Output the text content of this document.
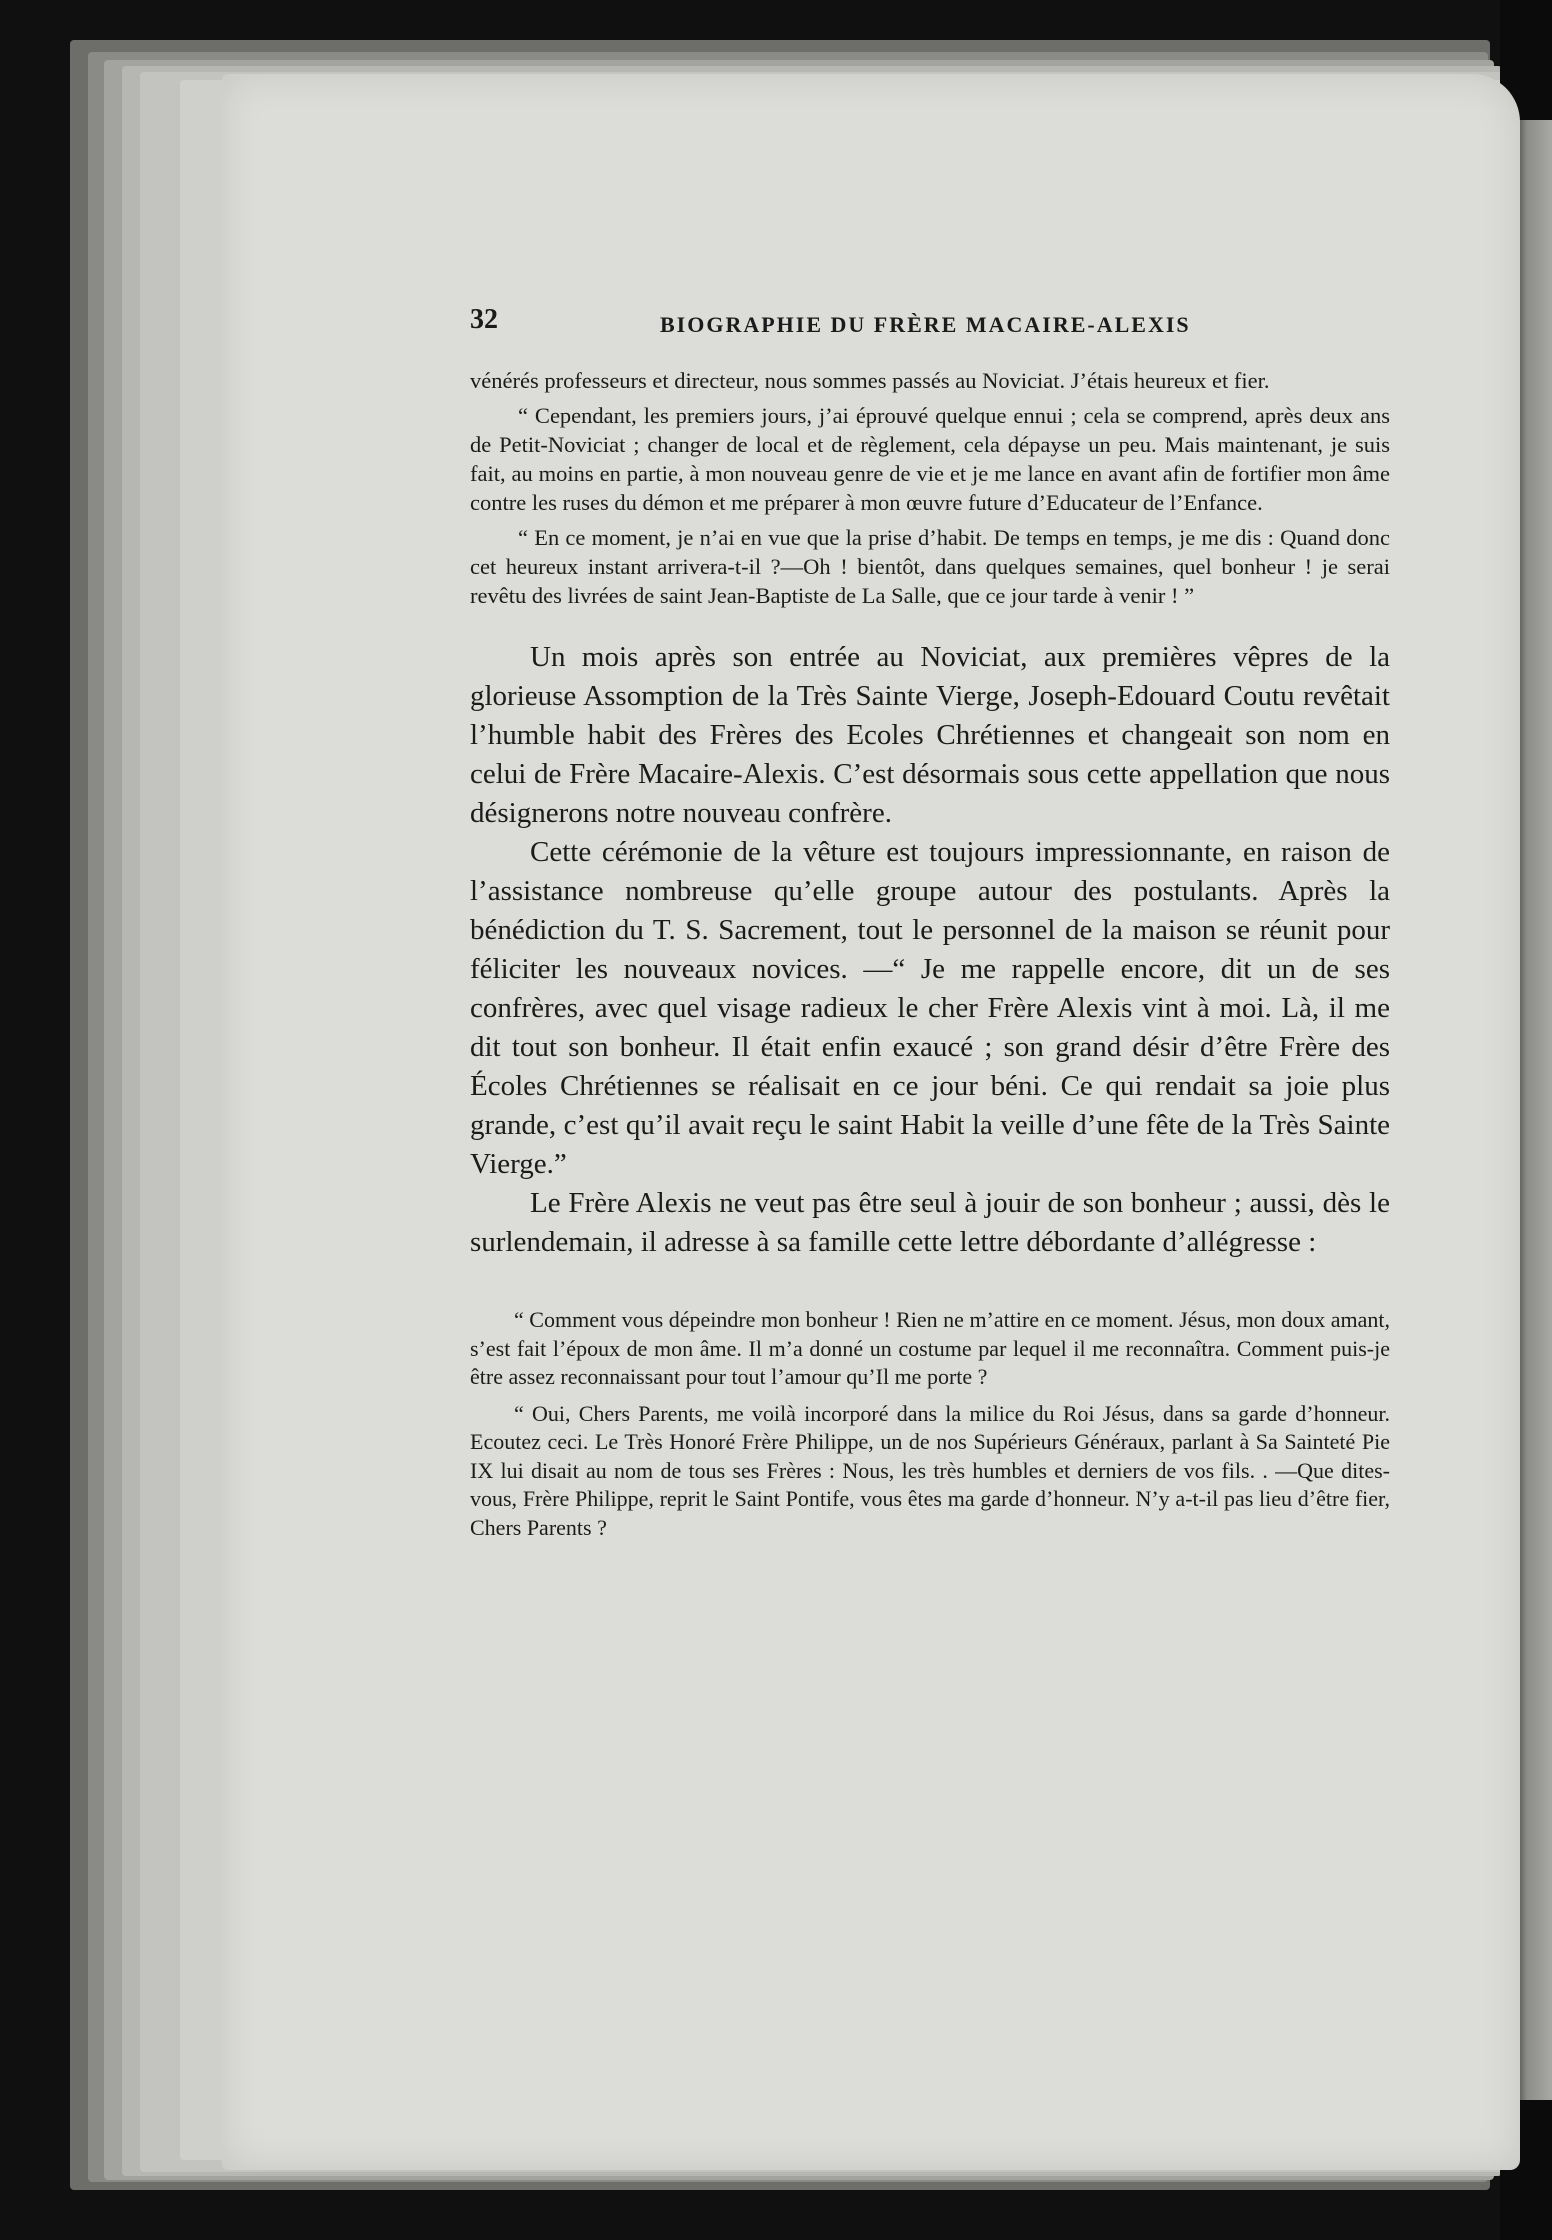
32	BIOGRAPHIE DU FRÈRE MACAIRE-ALEXIS

vénérés professeurs et directeur, nous sommes passés au Noviciat. J’étais heureux et fier.

“ Cependant, les premiers jours, j’ai éprouvé quelque ennui ; cela se comprend, après deux ans de Petit-Noviciat ; changer de local et de règlement, cela dépayse un peu. Mais maintenant, je suis fait, au moins en partie, à mon nouveau genre de vie et je me lance en avant afin de fortifier mon âme contre les ruses du démon et me préparer à mon œuvre future d’Educateur de l’Enfance.

“ En ce moment, je n’ai en vue que la prise d’habit. De temps en temps, je me dis : Quand donc cet heureux instant arrivera-t-il ?—Oh ! bientôt, dans quelques semaines, quel bonheur ! je serai revêtu des livrées de saint Jean-Baptiste de La Salle, que ce jour tarde à venir ! ”

Un mois après son entrée au Noviciat, aux premières vêpres de la glorieuse Assomption de la Très Sainte Vierge, Joseph-Edouard Coutu revêtait l’humble habit des Frères des Ecoles Chrétiennes et changeait son nom en celui de Frère Macaire-Alexis. C’est désormais sous cette appellation que nous désignerons notre nouveau confrère.

Cette cérémonie de la vêture est toujours impressionnante, en raison de l’assistance nombreuse qu’elle groupe autour des postulants. Après la bénédiction du T. S. Sacrement, tout le personnel de la maison se réunit pour féliciter les nouveaux novices. —“ Je me rappelle encore, dit un de ses confrères, avec quel visage radieux le cher Frère Alexis vint à moi. Là, il me dit tout son bonheur. Il était enfin exaucé ; son grand désir d’être Frère des Écoles Chrétiennes se réalisait en ce jour béni. Ce qui rendait sa joie plus grande, c’est qu’il avait reçu le saint Habit la veille d’une fête de la Très Sainte Vierge.”

Le Frère Alexis ne veut pas être seul à jouir de son bonheur ; aussi, dès le surlendemain, il adresse à sa famille cette lettre débordante d’allégresse :

“ Comment vous dépeindre mon bonheur ! Rien ne m’attire en ce moment. Jésus, mon doux amant, s’est fait l’époux de mon âme. Il m’a donné un costume par lequel il me reconnaîtra. Comment puis-je être assez reconnaissant pour tout l’amour qu’Il me porte ?

“ Oui, Chers Parents, me voilà incorporé dans la milice du Roi Jésus, dans sa garde d’honneur. Ecoutez ceci. Le Très Honoré Frère Philippe, un de nos Supérieurs Généraux, parlant à Sa Sainteté Pie IX lui disait au nom de tous ses Frères : Nous, les très humbles et derniers de vos fils. . —Que dites-vous, Frère Philippe, reprit le Saint Pontife, vous êtes ma garde d’honneur. N’y a-t-il pas lieu d’être fier, Chers Parents ?
